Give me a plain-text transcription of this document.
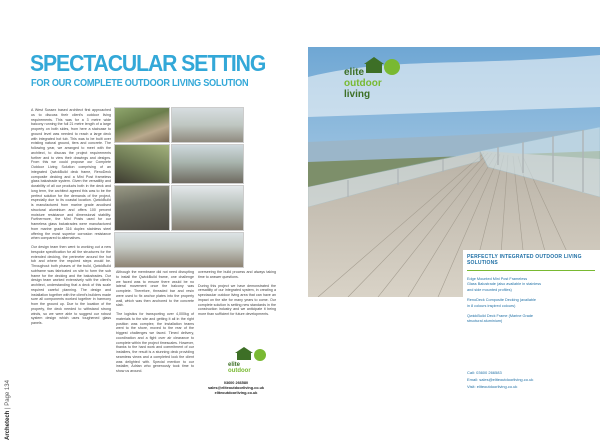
SPECTACULAR SETTING
FOR OUR COMPLETE OUTDOOR LIVING SOLUTION
Archetech | Page 134

A West Sussex based architect first approached us to discuss their client's outdoor living requirements. This was for a 3 metre wide balcony running the full 21 metre length of a large property on both sides, from here a staircase to ground level was needed to reach a large deck with integrated hot tub. This was to be built over existing natural ground, tiers and concrete. The following year, we arranged to meet with the architect, to discuss the project requirements further and to view their drawings and designs. From this we could propose our Complete Outdoor Living Solution comprising of an integrated QwickBuild deck frame, RenoDeck composite decking and a Mini Post frameless glass balustrade system. Given the versatility and durability of all our products both in the deck and long term, the architect agreed this was to be the perfect solution for the demands of the project, especially due to its coastal location. QwickBuild is manufactured from marine grade anodised structural aluminium and offers 100 percent moisture resistance and dimensional stability. Furthermore, the Mini Posts used for our frameless glass balustrades were manufactured from marine grade 316 duplex stainless steel offering the most superior corrosion resistance when compared to alternatives.

Our design team then went to working out a new bespoke specification for all the structures for the extended decking, the perimeter around the hot tub and where the required steps would be. Throughout both phases of the build, QwickBuild subframe was fabricated on site to form the sub frame for the decking and the balustrades. Our design team worked extensively with the client's architect, understanding that a deck of this scale required careful planning. The design and installation together with the client's builders made sure all components worked together in harmony from the ground up. Due to the location of the property, the deck needed to withstand strong winds, so we were able to suggest our robust system design which uses toughened glass panels.

Although the membrane did not need disrupting to install the QwickBuild frame, one challenge we faced was to ensure there would be no lateral movement once the balcony was complete. Therefore, threaded bar and resin were used to fix anchor plates into the property wall, which was then anchored to the concrete slab.

The logistics for transporting over 4,000kg of materials to the site and getting it all in the right position was complex; the installation teams went to the shore, moved to the rear of the biggest challenges we faced. Timed delivery, coordination and a fight over air clearance to complete within the project timescales. However, thanks to the hard work and commitment of our installers, the result is a stunning deck providing seamless views and a completed look the client was delighted with. Special mention to our installer, Adrian who generously took time to show us around.

overseeing the build process and always taking time to answer questions.

During this project we have demonstrated the versatility of our integrated system, in creating a spectacular outdoor living area that can have an impact on the site for many years to come. Our complete solution is setting new standards in the construction industry and we anticipate it being more than sufficient for future developments.

elite
outdoor
03600 266580
sales@eliteoutdoorliving.co.uk
eliteoutdoorliving.co.uk
elite
outdoor
living
PERFECTLY INTEGRATED OUTDOOR LIVING SOLUTIONS
Edge Mounted Mini Post Frameless
Glass Balustrade (also available in stainless
and side mounted profiles)
RenoDeck Composite Decking (available
in 8 colours inspired colours)
QwickBuild Deck Frame (Marine Grade
structural aluminium)
Call: 03600 266583
Email: sales@eliteoutdoorliving.co.uk
Visit: eliteoutdoorliving.co.uk
